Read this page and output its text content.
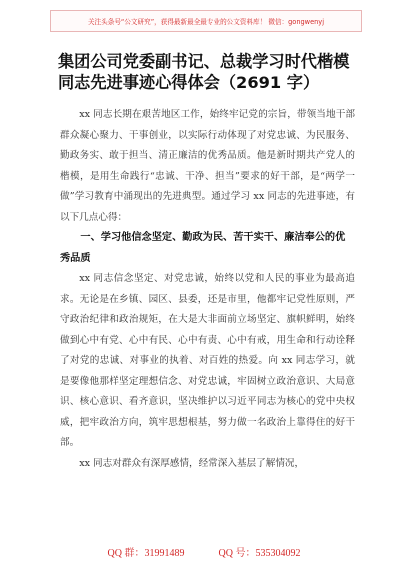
关注头条号“公文研究”，获得最新最全最专业的公文资料库！ 微信：gongwenyj
集团公司党委副书记、总裁学习时代楷模同志先进事迹心得体会（2691 字）

xx 同志长期在艰苦地区工作，始终牢记党的宗旨，带领当地干部群众凝心聚力、干事创业，以实际行动体现了对党忠诚、为民服务、勤政务实、敢于担当、清正廉洁的优秀品质。他是新时期共产党人的楷模，是用生命践行“忠诚、干净、担当”要求的好干部，是“两学一做”学习教育中涌现出的先进典型。通过学习 xx 同志的先进事迹，有以下几点心得：

一、学习他信念坚定、勤政为民、苦干实干、廉洁奉公的优秀品质

xx 同志信念坚定、对党忠诚，始终以党和人民的事业为最高追求。无论是在乡镇、园区、县委，还是市里，他都牢记党性原则，严守政治纪律和政治规矩，在大是大非面前立场坚定、旗帜鲜明，始终做到心中有党、心中有民、心中有责、心中有戒，用生命和行动诠释了对党的忠诚、对事业的执着、对百姓的热爱。向 xx 同志学习，就是要像他那样坚定理想信念、对党忠诚，牢固树立政治意识、大局意识、核心意识、看齐意识，坚决维护以习近平同志为核心的党中央权威，把牢政治方向，筑牢思想根基，努力做一名政治上靠得住的好干部。

xx 同志对群众有深厚感情，经常深入基层了解情况，

QQ 群：31991489	QQ 号：535304092
